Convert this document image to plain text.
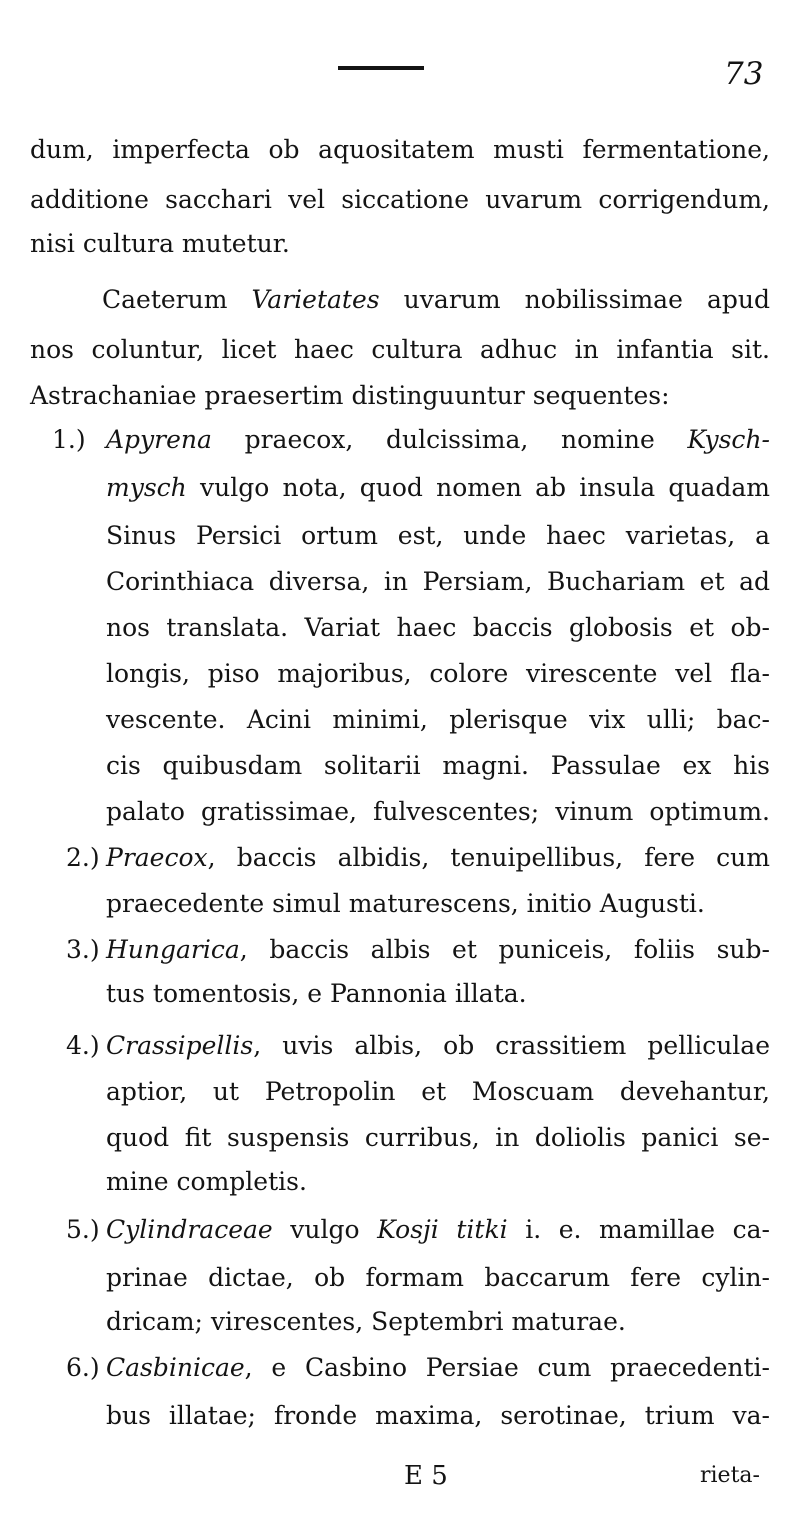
73
dum, imperfecta ob aquositatem musti fermentatione,
additione sacchari vel siccatione uvarum corrigendum,
nisi cultura mutetur.
Caeterum Varietates uvarum nobilissimae apud
nos coluntur, licet haec cultura adhuc in infantia sit.
Astrachaniae praesertim distinguuntur sequentes:
1.) Apyrena praecox, dulcissima, nomine Kysch-
mysch vulgo nota, quod nomen ab insula quadam
Sinus Persici ortum est, unde haec varietas, a
Corinthiaca diversa, in Persiam, Buchariam et ad
nos translata. Variat haec baccis globosis et ob-
longis, piso majoribus, colore virescente vel fla-
vescente. Acini minimi, plerisque vix ulli; bac-
cis quibusdam solitarii magni. Passulae ex his
palato gratissimae, fulvescentes; vinum optimum.
2.) Praecox, baccis albidis, tenuipellibus, fere cum
praecedente simul maturescens, initio Augusti.
3.) Hungarica, baccis albis et puniceis, foliis sub-
tus tomentosis, e Pannonia illata.
4.) Crassipellis, uvis albis, ob crassitiem pelliculae
aptior, ut Petropolin et Moscuam devehantur,
quod fit suspensis curribus, in doliolis panici se-
mine completis.
5.) Cylindraceae vulgo Kosji titki i. e. mamillae ca-
prinae dictae, ob formam baccarum fere cylin-
dricam; virescentes, Septembri maturae.
6.) Casbinicae, e Casbino Persiae cum praecedenti-
bus illatae; fronde maxima, serotinae, trium va-
E 5	rieta-
